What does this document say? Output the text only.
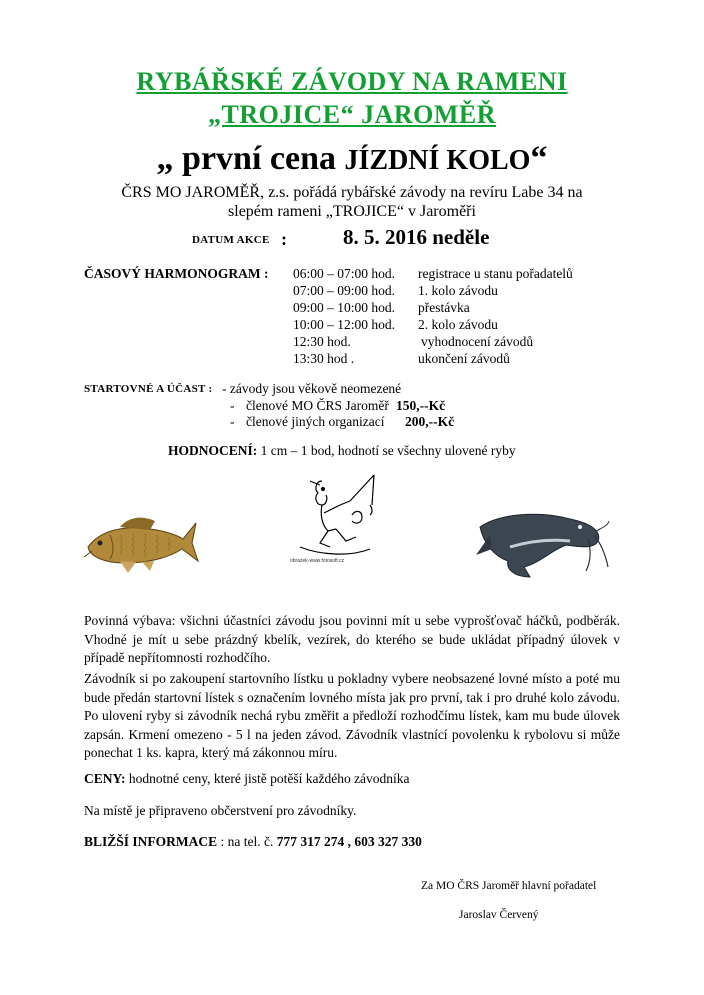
RYBÁŘSKÉ ZÁVODY NA RAMENI
„TROJICE“ JAROMĚŘ
„ první cena JÍZDNÍ KOLO“
ČRS MO JAROMĚŘ, z.s. pořádá rybářské závody na revíru Labe 34 na
slepém rameni „TROJICE“ v Jaroměři
DATUM AKCE :	8. 5. 2016 neděle
ČASOVÝ HARMONOGRAM : 06:00 – 07:00 hod. registrace u stanu pořadatelů
07:00 – 09:00 hod. 1. kolo závodu
09:00 – 10:00 hod. přestávka
10:00 – 12:00 hod. 2. kolo závodu
12:30 hod.	vyhodnocení závodů
13:30 hod .	ukončení závodů
STARTOVNÉ A ÚČAST : - závody jsou věkově neomezené
- členové MO ČRS Jaroměř 150,--Kč
- členové jiných organizací 200,--Kč
HODNOCENÍ: 1 cm – 1 bod, hodnotí se všechny ulovené ryby
obrazek-www.fotosoft.cz
Povinná výbava: všichni účastníci závodu jsou povinni mít u sebe vyprošťovač háčků, podběrák. Vhodné je mít u sebe prázdný kbelík, vezírek, do kterého se bude ukládat případný úlovek v případě nepřítomnosti rozhodčího.
Závodník si po zakoupení startovního lístku u pokladny vybere neobsazené lovné místo a poté mu bude předán startovní lístek s označením lovného místa jak pro první, tak i pro druhé kolo závodu. Po ulovení ryby si závodník nechá rybu změřit a předloží rozhodčímu lístek, kam mu bude úlovek zapsán. Krmení omezeno - 5 l na jeden závod. Závodník vlastnící povolenku k rybolovu si může ponechat 1 ks. kapra, který má zákonnou míru.
CENY: hodnotné ceny, které jistě potěší každého závodníka
Na místě je připraveno občerstvení pro závodníky.
BLIŽŠÍ INFORMACE : na tel. č. 777 317 274 , 603 327 330
Za MO ČRS Jaroměř hlavní pořadatel
Jaroslav Červený
